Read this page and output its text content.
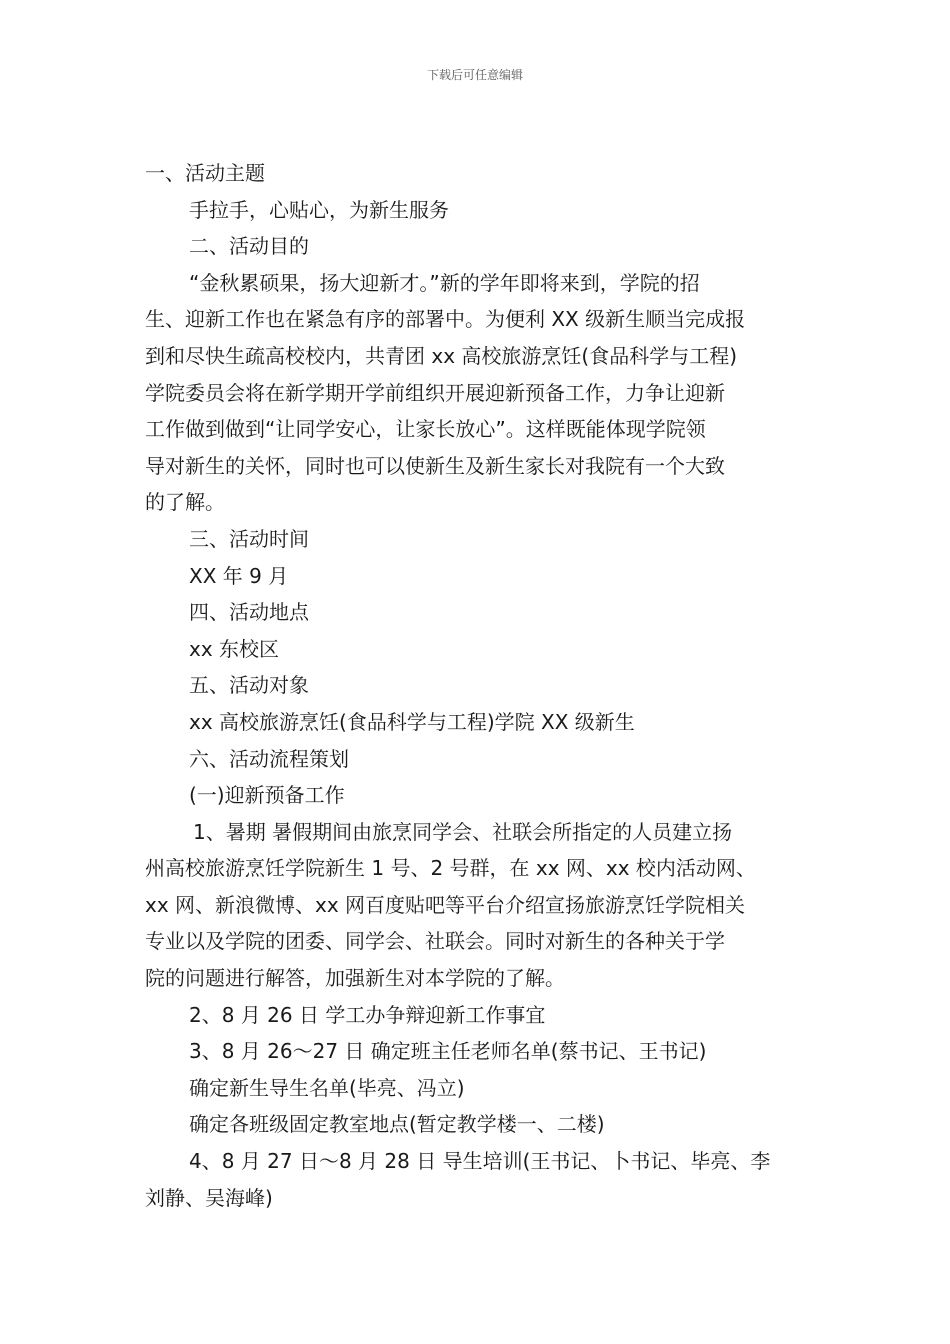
下载后可任意编辑
一、活动主题
手拉手，心贴心，为新生服务
二、活动目的
“金秋累硕果，扬大迎新才。”新的学年即将来到，学院的招
生、迎新工作也在紧急有序的部署中。为便利 XX 级新生顺当完成报
到和尽快生疏高校校内，共青团 xx 高校旅游烹饪(食品科学与工程)
学院委员会将在新学期开学前组织开展迎新预备工作，力争让迎新
工作做到做到“让同学安心，让家长放心”。这样既能体现学院领
导对新生的关怀，同时也可以使新生及新生家长对我院有一个大致
的了解。
三、活动时间
XX 年 9 月
四、活动地点
xx 东校区
五、活动对象
xx 高校旅游烹饪(食品科学与工程)学院 XX 级新生
六、活动流程策划
(一)迎新预备工作
1、暑期 暑假期间由旅烹同学会、社联会所指定的人员建立扬
州高校旅游烹饪学院新生 1 号、2 号群，在 xx 网、xx 校内活动网、
xx 网、新浪微博、xx 网百度贴吧等平台介绍宣扬旅游烹饪学院相关
专业以及学院的团委、同学会、社联会。同时对新生的各种关于学
院的问题进行解答，加强新生对本学院的了解。
2、8 月 26 日 学工办争辩迎新工作事宜
3、8 月 26～27 日 确定班主任老师名单(蔡书记、王书记)
确定新生导生名单(毕亮、冯立)
确定各班级固定教室地点(暂定教学楼一、二楼)
4、8 月 27 日～8 月 28 日 导生培训(王书记、卜书记、毕亮、李
刘静、吴海峰)
